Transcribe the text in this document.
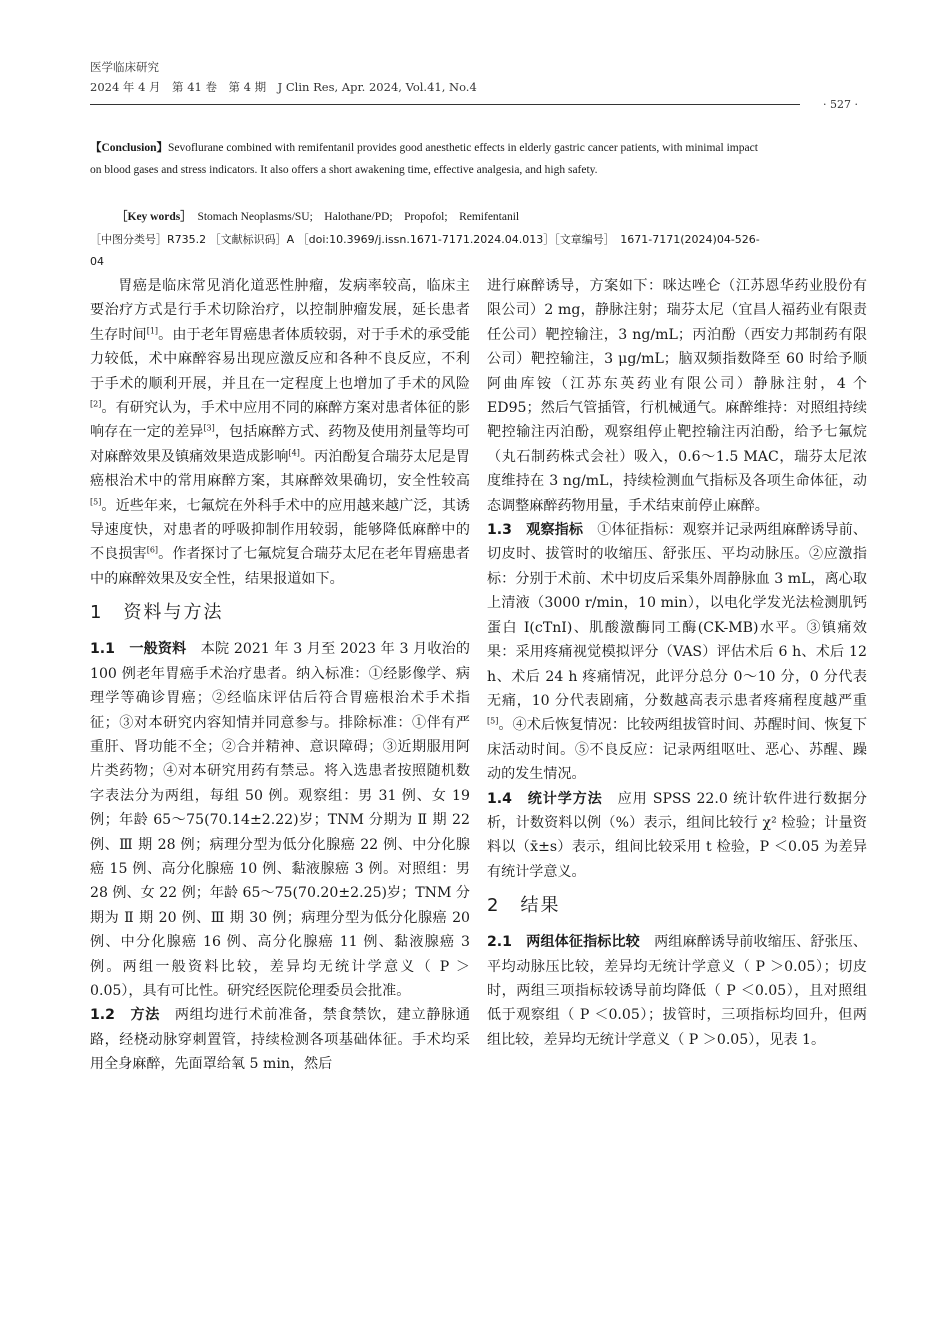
医学临床研究
2024 年 4 月　第 41 卷　第 4 期　J Clin Res, Apr. 2024, Vol.41, No.4
· 527 ·
【Conclusion】Sevoflurane combined with remifentanil provides good anesthetic effects in elderly gastric cancer patients, with minimal impact on blood gases and stress indicators. It also offers a short awakening time, effective analgesia, and high safety.
［Key words］　 Stomach Neoplasms/SU;　Halothane/PD;　Propofol;　Remifentanil
［中图分类号］R735.2 ［文献标识码］A ［doi:10.3969/j.issn.1671-7171.2024.04.013］［文章编号］　1671-7171(2024)04-526-04

胃癌是临床常见消化道恶性肿瘤，发病率较高，临床主要治疗方式是行手术切除治疗，以控制肿瘤发展，延长患者生存时间[1]。由于老年胃癌患者体质较弱，对于手术的承受能力较低，术中麻醉容易出现应激反应和各种不良反应，不利于手术的顺利开展，并且在一定程度上也增加了手术的风险[2]。有研究认为，手术中应用不同的麻醉方案对患者体征的影响存在一定的差异[3]，包括麻醉方式、药物及使用剂量等均可对麻醉效果及镇痛效果造成影响[4]。丙泊酚复合瑞芬太尼是胃癌根治术中的常用麻醉方案，其麻醉效果确切，安全性较高[5]。近些年来，七氟烷在外科手术中的应用越来越广泛，其诱导速度快，对患者的呼吸抑制作用较弱，能够降低麻醉中的不良损害[6]。作者探讨了七氟烷复合瑞芬太尼在老年胃癌患者中的麻醉效果及安全性，结果报道如下。

1　资料与方法

1.1　一般资料　本院 2021 年 3 月至 2023 年 3 月收治的 100 例老年胃癌手术治疗患者。纳入标准：①经影像学、病理学等确诊胃癌；②经临床评估后符合胃癌根治术手术指征；③对本研究内容知情并同意参与。排除标准：①伴有严重肝、肾功能不全；②合并精神、意识障碍；③近期服用阿片类药物；④对本研究用药有禁忌。将入选患者按照随机数字表法分为两组，每组 50 例。观察组：男 31 例、女 19 例；年龄 65～75(70.14±2.22)岁；TNM 分期为 Ⅱ 期 22 例、Ⅲ 期 28 例；病理分型为低分化腺癌 22 例、中分化腺癌 15 例、高分化腺癌 10 例、黏液腺癌 3 例。对照组：男 28 例、女 22 例；年龄 65～75(70.20±2.25)岁；TNM 分期为 Ⅱ 期 20 例、Ⅲ 期 30 例；病理分型为低分化腺癌 20 例、中分化腺癌 16 例、高分化腺癌 11 例、黏液腺癌 3 例。两组一般资料比较，差异均无统计学意义（ P ＞0.05），具有可比性。研究经医院伦理委员会批准。

1.2　方法　两组均进行术前准备，禁食禁饮，建立静脉通路，经桡动脉穿刺置管，持续检测各项基础体征。手术均采用全身麻醉，先面罩给氧 5 min，然后

进行麻醉诱导，方案如下：咪达唑仑（江苏恩华药业股份有限公司）2 mg，静脉注射；瑞芬太尼（宜昌人福药业有限责任公司）靶控输注，3 ng/mL；丙泊酚（西安力邦制药有限公司）靶控输注，3 μg/mL；脑双频指数降至 60 时给予顺阿曲库铵（江苏东英药业有限公司）静脉注射，4 个 ED95；然后气管插管，行机械通气。麻醉维持：对照组持续靶控输注丙泊酚，观察组停止靶控输注丙泊酚，给予七氟烷（丸石制药株式会社）吸入，0.6～1.5 MAC，瑞芬太尼浓度维持在 3 ng/mL，持续检测血气指标及各项生命体征，动态调整麻醉药物用量，手术结束前停止麻醉。

1.3　观察指标　①体征指标：观察并记录两组麻醉诱导前、切皮时、拔管时的收缩压、舒张压、平均动脉压。②应激指标：分别于术前、术中切皮后采集外周静脉血 3 mL，离心取上清液（3000 r/min，10 min），以电化学发光法检测肌钙蛋白 I(cTnI)、肌酸激酶同工酶(CK-MB)水平。③镇痛效果：采用疼痛视觉模拟评分（VAS）评估术后 6 h、术后 12 h、术后 24 h 疼痛情况，此评分总分 0～10 分，0 分代表无痛，10 分代表剧痛，分数越高表示患者疼痛程度越严重[5]。④术后恢复情况：比较两组拔管时间、苏醒时间、恢复下床活动时间。⑤不良反应：记录两组呕吐、恶心、苏醒、躁动的发生情况。

1.4　统计学方法　应用 SPSS 22.0 统计软件进行数据分析，计数资料以例（%）表示，组间比较行 χ² 检验；计量资料以（x̄±s）表示，组间比较采用 t 检验，P ＜0.05 为差异有统计学意义。

2　结果

2.1　两组体征指标比较　两组麻醉诱导前收缩压、舒张压、平均动脉压比较，差异均无统计学意义（ P ＞0.05）；切皮时，两组三项指标较诱导前均降低（ P ＜0.05），且对照组低于观察组（ P ＜0.05）；拔管时，三项指标均回升，但两组比较，差异均无统计学意义（ P ＞0.05），见表 1。
